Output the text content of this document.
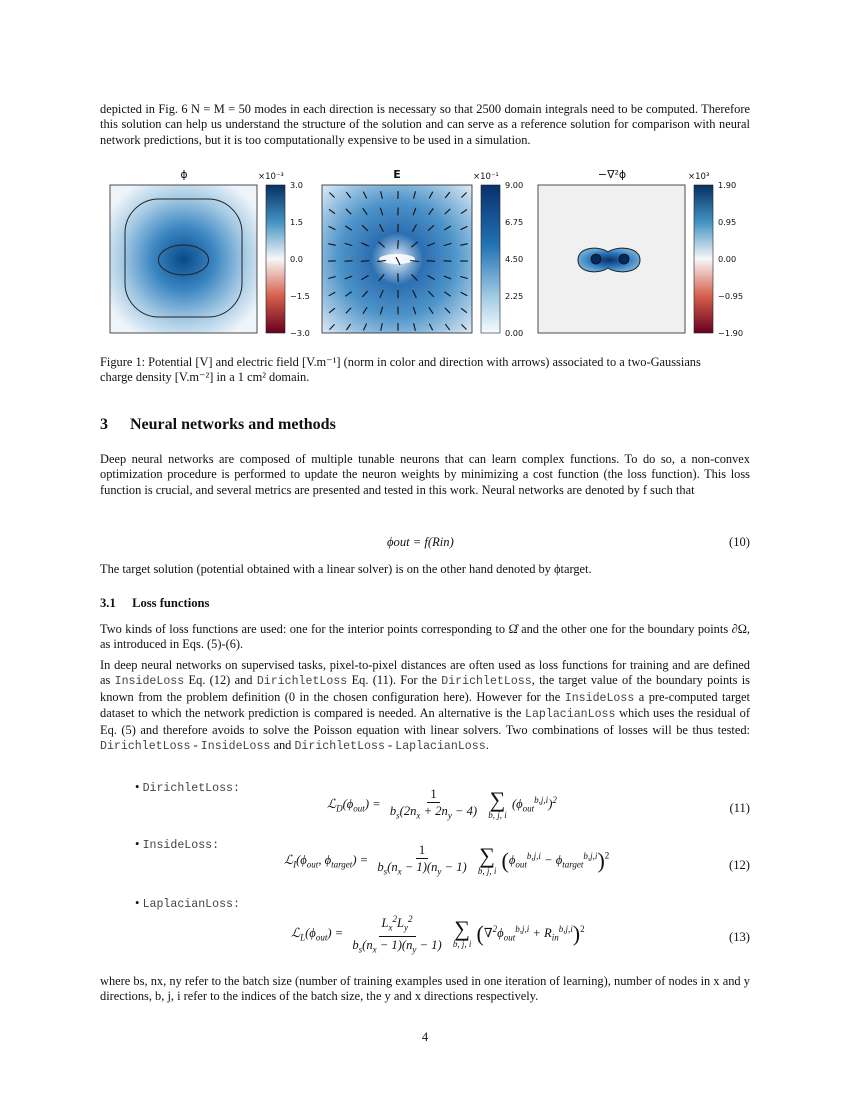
depicted in Fig. 6 N = M = 50 modes in each direction is necessary so that 2500 domain integrals need to be computed. Therefore this solution can help us understand the structure of the solution and can serve as a reference solution for comparison with neural network predictions, but it is too computationally expensive to be used in a simulation.
ϕ	E	−∇²ϕ
×10⁻³	×10⁻¹	×10³
3.0
1.5
0.0
−1.5
−3.0
9.00
6.75
4.50
2.25
0.00
1.90
0.95
0.00
−0.95
−1.90
Figure 1: Potential [V] and electric field [V.m⁻¹] (norm in color and direction with arrows) associated to a two-Gaussians
charge density [V.m⁻²] in a 1 cm² domain.
3 Neural networks and methods
Deep neural networks are composed of multiple tunable neurons that can learn complex functions. To do so, a non-convex optimization procedure is performed to update the neuron weights by minimizing a cost function (the loss function). This loss function is crucial, and several metrics are presented and tested in this work. Neural networks are denoted by f such that
ϕout = f(Rin)	(10)
The target solution (potential obtained with a linear solver) is on the other hand denoted by ϕtarget.
3.1 Loss functions
Two kinds of loss functions are used: one for the interior points corresponding to Ω̊ and the other one for the boundary points ∂Ω, as introduced in Eqs. (5)-(6).
In deep neural networks on supervised tasks, pixel-to-pixel distances are often used as loss functions for training and are defined as InsideLoss Eq. (12) and DirichletLoss Eq. (11). For the DirichletLoss, the target value of the boundary points is known from the problem definition (0 in the chosen configuration here). However for the InsideLoss a pre-computed target dataset to which the network prediction is compared is needed. An alternative is the LaplacianLoss which uses the residual of Eq. (5) and therefore avoids to solve the Poisson equation with linear solvers. Two combinations of losses will be thus tested: DirichletLoss - InsideLoss and DirichletLoss - LaplacianLoss.
• DirichletLoss:
$ℒ_D(\phi_{out}) = \frac{1}{b_s(2n_x + 2n_y - 4)}$
∑
b, j, i
$(\phi_{out}^{b,j,i})^2$
(11)
• InsideLoss:
$ℒ_I(\phi_{out}$, $\phi_{target}) = \frac{1}{b_s(n_x - 1)(n_y - 1)}$
∑
b, j, i $(\phi_{out}^{b,j,i} - \phi_{target}^{b,j,i})^2$
(12)
• LaplacianLoss:
$ℒ_L(\phi_{out}) = \frac{L_x^2L_y^2}{b_s(n_x - 1)(n_y - 1)}$
∑
b, j, i $(\nabla^2\phi_{out}^{b,j,i} + R_{in}^{b,j,i})^2$
(13)
where bs, nx, ny refer to the batch size (number of training examples used in one iteration of learning), number of nodes in x and y directions, b, j, i refer to the indices of the batch size, the y and x directions respectively.
4
